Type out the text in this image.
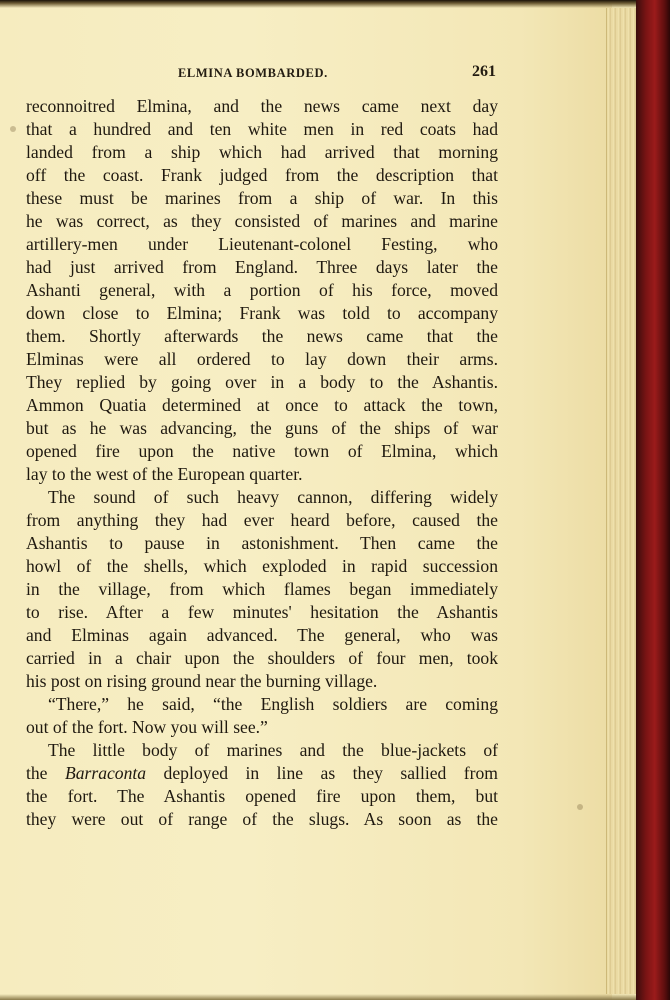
ELMINA BOMBARDED.	261
reconnoitred Elmina, and the news came next day
that a hundred and ten white men in red coats had
landed from a ship which had arrived that morning
off the coast. Frank judged from the description that
these must be marines from a ship of war. In this
he was correct, as they consisted of marines and marine
artillery-men under Lieutenant-colonel Festing, who
had just arrived from England. Three days later the
Ashanti general, with a portion of his force, moved
down close to Elmina; Frank was told to accompany
them. Shortly afterwards the news came that the
Elminas were all ordered to lay down their arms.
They replied by going over in a body to the Ashantis.
Ammon Quatia determined at once to attack the town,
but as he was advancing, the guns of the ships of war
opened fire upon the native town of Elmina, which
lay to the west of the European quarter.
The sound of such heavy cannon, differing widely
from anything they had ever heard before, caused the
Ashantis to pause in astonishment. Then came the
howl of the shells, which exploded in rapid succession
in the village, from which flames began immediately
to rise. After a few minutes' hesitation the Ashantis
and Elminas again advanced. The general, who was
carried in a chair upon the shoulders of four men, took
his post on rising ground near the burning village.
“There,” he said, “the English soldiers are coming
out of the fort. Now you will see.”
The little body of marines and the blue-jackets of
the Barraconta deployed in line as they sallied from
the fort. The Ashantis opened fire upon them, but
they were out of range of the slugs. As soon as the
